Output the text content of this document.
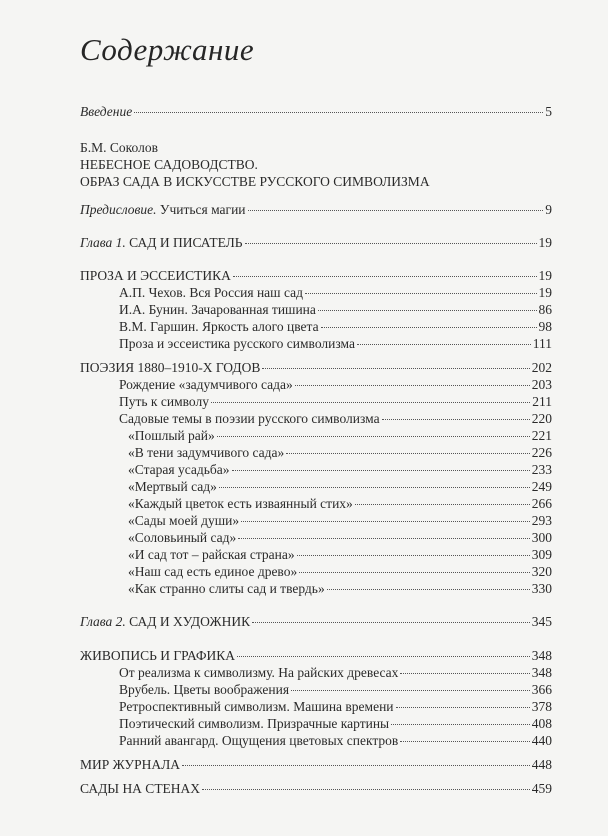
Содержание
Б.М. Соколов
НЕБЕСНОЕ САДОВОДСТВО.
ОБРАЗ САДА В ИСКУССТВЕ РУССКОГО СИМВОЛИЗМА
Введение	5
Предисловие. Учиться магии	9
Глава 1. САД И ПИСАТЕЛЬ	19
ПРОЗА И ЭССЕИСТИКА	19
А.П. Чехов. Вся Россия наш сад	19
И.А. Бунин. Зачарованная тишина	86
В.М. Гаршин. Яркость алого цвета	98
Проза и эссеистика русского символизма	111
ПОЭЗИЯ 1880–1910-Х ГОДОВ	202
Рождение «задумчивого сада»	203
Путь к символу	211
Садовые темы в поэзии русского символизма	220
«Пошлый рай»	221
«В тени задумчивого сада»	226
«Старая усадьба»	233
«Мертвый сад»	249
«Каждый цветок есть изваянный стих»	266
«Сады моей души»	293
«Соловьиный сад»	300
«И сад тот – райская страна»	309
«Наш сад есть единое древо»	320
«Как странно слиты сад и твердь»	330
Глава 2. САД И ХУДОЖНИК	345
ЖИВОПИСЬ И ГРАФИКА	348
От реализма к символизму. На райских древесах	348
Врубель. Цветы воображения	366
Ретроспективный символизм. Машина времени	378
Поэтический символизм. Призрачные картины	408
Ранний авангард. Ощущения цветовых спектров	440
МИР ЖУРНАЛА	448
САДЫ НА СТЕНАХ	459
